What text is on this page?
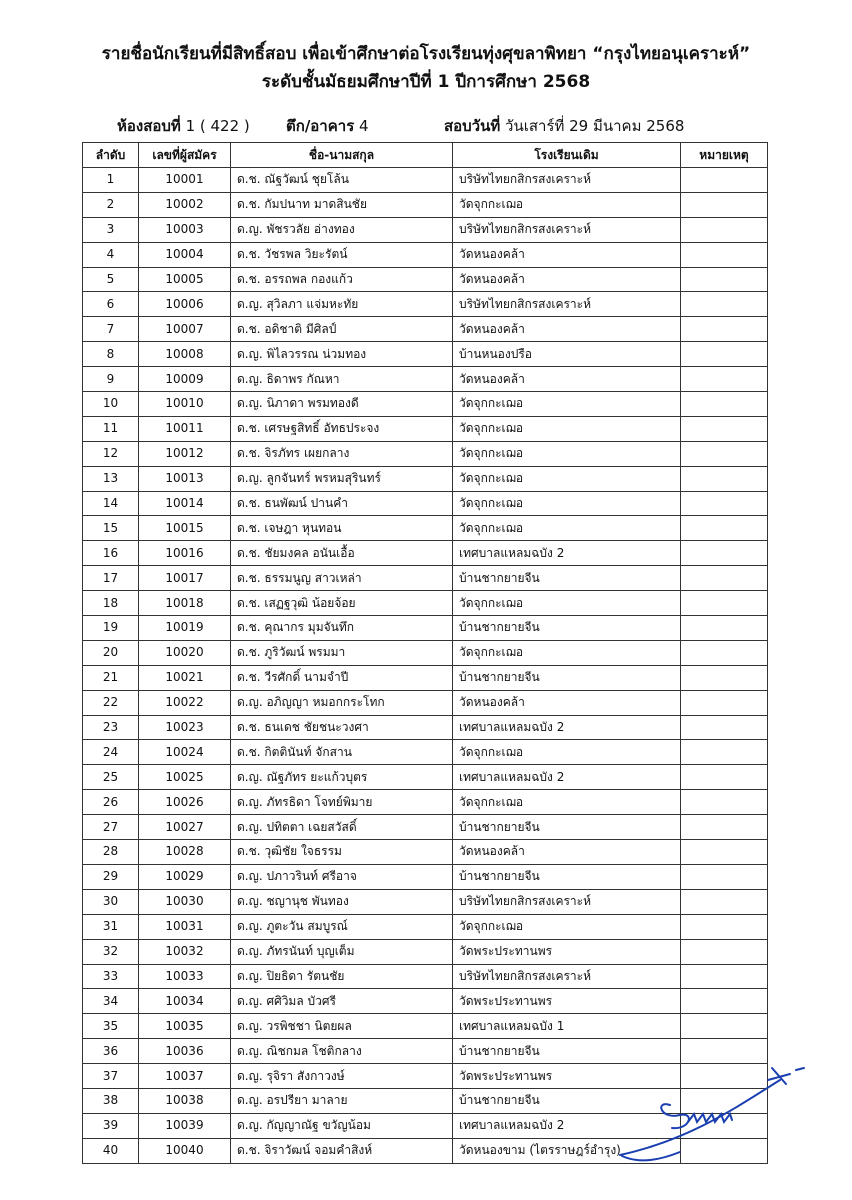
รายชื่อนักเรียนที่มีสิทธิ์สอบ เพื่อเข้าศึกษาต่อโรงเรียนทุ่งศุขลาพิทยา “กรุงไทยอนุเคราะห์”
ระดับชั้นมัธยมศึกษาปีที่ 1 ปีการศึกษา 2568
ห้องสอบที่ 1 ( 422 ) ตึก/อาคาร 4	สอบวันที่ วันเสาร์ที่ 29 มีนาคม 2568
ลำดับ	เลขที่ผู้สมัคร	ชื่อ-นามสกุล	โรงเรียนเดิม	หมายเหตุ
1	10001	ด.ช. ณัฐวัฒน์ ชุยโล้น	บริษัทไทยกสิกรสงเคราะห์	
2	10002	ด.ช. กัมปนาท มาดสินชัย	วัดจุกกะเฌอ	
3	10003	ด.ญ. พัชรวลัย อ่างทอง	บริษัทไทยกสิกรสงเคราะห์	
4	10004	ด.ช. วัชรพล วิยะรัตน์	วัดหนองคล้า	
5	10005	ด.ช. อรรถพล กองแก้ว	วัดหนองคล้า	
6	10006	ด.ญ. สุวิลภา แจ่มหะทัย	บริษัทไทยกสิกรสงเคราะห์	
7	10007	ด.ช. อดิชาติ มีศิลป์	วัดหนองคล้า	
8	10008	ด.ญ. พิไลวรรณ น่วมทอง	บ้านหนองปรือ	
9	10009	ด.ญ. ธิดาพร กัณหา	วัดหนองคล้า	
10	10010	ด.ญ. นิภาดา พรมทองดี	วัดจุกกะเฌอ	
11	10011	ด.ช. เศรษฐสิทธิ์ อัทธประจง	วัดจุกกะเฌอ	
12	10012	ด.ช. จิรภัทร เผยกลาง	วัดจุกกะเฌอ	
13	10013	ด.ญ. ลูกจันทร์ พรหมสุรินทร์	วัดจุกกะเฌอ	
14	10014	ด.ช. ธนพัฒน์ ปานคำ	วัดจุกกะเฌอ	
15	10015	ด.ช. เจษฎา หุนทอน	วัดจุกกะเฌอ	
16	10016	ด.ช. ชัยมงคล อนันเอื้อ	เทศบาลแหลมฉบัง 2	
17	10017	ด.ช. ธรรมนูญ สาวเหล่า	บ้านชากยายจีน	
18	10018	ด.ช. เสฏฐวุฒิ น้อยจ้อย	วัดจุกกะเฌอ	
19	10019	ด.ช. คุณากร มุมจันทึก	บ้านชากยายจีน	
20	10020	ด.ช. ภูริวัฒน์ พรมมา	วัดจุกกะเฌอ	
21	10021	ด.ช. วีรศักดิ์ นามจำปี	บ้านชากยายจีน	
22	10022	ด.ญ. อภิญญา หมอกกระโทก	วัดหนองคล้า	
23	10023	ด.ช. ธนเดช ชัยชนะวงศา	เทศบาลแหลมฉบัง 2	
24	10024	ด.ช. กิตตินันท์ จักสาน	วัดจุกกะเฌอ	
25	10025	ด.ญ. ณัฐภัทร ยะแก้วบุตร	เทศบาลแหลมฉบัง 2	
26	10026	ด.ญ. ภัทรธิดา โจทย์พิมาย	วัดจุกกะเฌอ	
27	10027	ด.ญ. ปทิตตา เฉยสวัสดิ์	บ้านชากยายจีน	
28	10028	ด.ช. วุฒิชัย ใจธรรม	วัดหนองคล้า	
29	10029	ด.ญ. ปภาวรินท์ ศรีอาจ	บ้านชากยายจีน	
30	10030	ด.ญ. ชญานุช พันทอง	บริษัทไทยกสิกรสงเคราะห์	
31	10031	ด.ญ. ภูตะวัน สมบูรณ์	วัดจุกกะเฌอ	
32	10032	ด.ญ. ภัทรนันท์ บุญเต็ม	วัดพระประทานพร	
33	10033	ด.ญ. ปิยธิดา รัตนชัย	บริษัทไทยกสิกรสงเคราะห์	
34	10034	ด.ญ. ศศิวิมล บัวศรี	วัดพระประทานพร	
35	10035	ด.ญ. วรพิชชา นิตยผล	เทศบาลแหลมฉบัง 1	
36	10036	ด.ญ. ณิชกมล โชติกลาง	บ้านชากยายจีน	
37	10037	ด.ญ. รุจิรา สังกาวงษ์	วัดพระประทานพร	
38	10038	ด.ญ. อรปรียา มาลาย	บ้านชากยายจีน	
39	10039	ด.ญ. กัญญาณัฐ ขวัญน้อม	เทศบาลแหลมฉบัง 2	
40	10040	ด.ช. จิราวัฒน์ จอมคำสิงห์	วัดหนองขาม (ไตรราษฎร์อำรุง)	
